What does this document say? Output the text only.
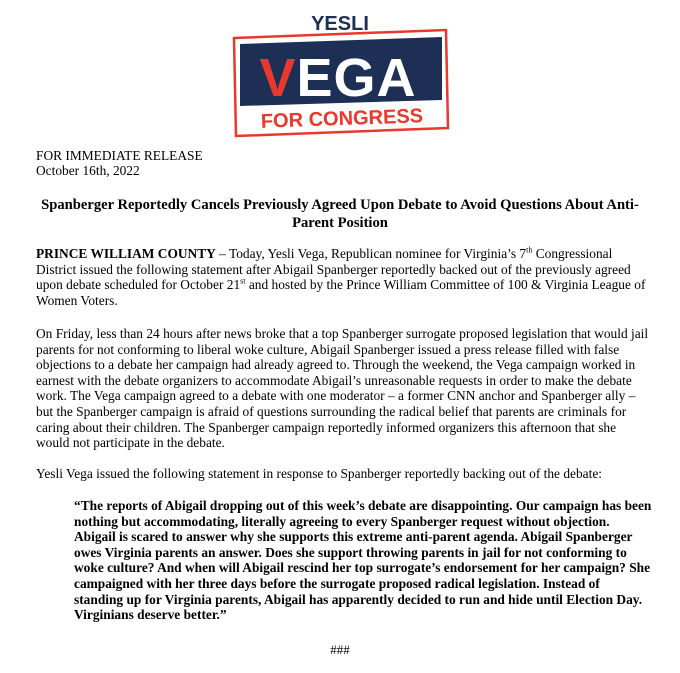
YESLI
VEGA
FOR CONGRESS
FOR IMMEDIATE RELEASE
October 16th, 2022
Spanberger Reportedly Cancels Previously Agreed Upon Debate to Avoid Questions About Anti-Parent Position
PRINCE WILLIAM COUNTY – Today, Yesli Vega, Republican nominee for Virginia’s 7th Congressional District issued the following statement after Abigail Spanberger reportedly backed out of the previously agreed upon debate scheduled for October 21st and hosted by the Prince William Committee of 100 & Virginia League of Women Voters.
On Friday, less than 24 hours after news broke that a top Spanberger surrogate proposed legislation that would jail parents for not conforming to liberal woke culture, Abigail Spanberger issued a press release filled with false objections to a debate her campaign had already agreed to. Through the weekend, the Vega campaign worked in earnest with the debate organizers to accommodate Abigail’s unreasonable requests in order to make the debate work. The Vega campaign agreed to a debate with one moderator – a former CNN anchor and Spanberger ally – but the Spanberger campaign is afraid of questions surrounding the radical belief that parents are criminals for caring about their children. The Spanberger campaign reportedly informed organizers this afternoon that she would not participate in the debate.
Yesli Vega issued the following statement in response to Spanberger reportedly backing out of the debate:
“The reports of Abigail dropping out of this week’s debate are disappointing. Our campaign has been nothing but accommodating, literally agreeing to every Spanberger request without objection. Abigail is scared to answer why she supports this extreme anti-parent agenda. Abigail Spanberger owes Virginia parents an answer. Does she support throwing parents in jail for not conforming to woke culture? And when will Abigail rescind her top surrogate’s endorsement for her campaign? She campaigned with her three days before the surrogate proposed radical legislation. Instead of standing up for Virginia parents, Abigail has apparently decided to run and hide until Election Day. Virginians deserve better.”
###
